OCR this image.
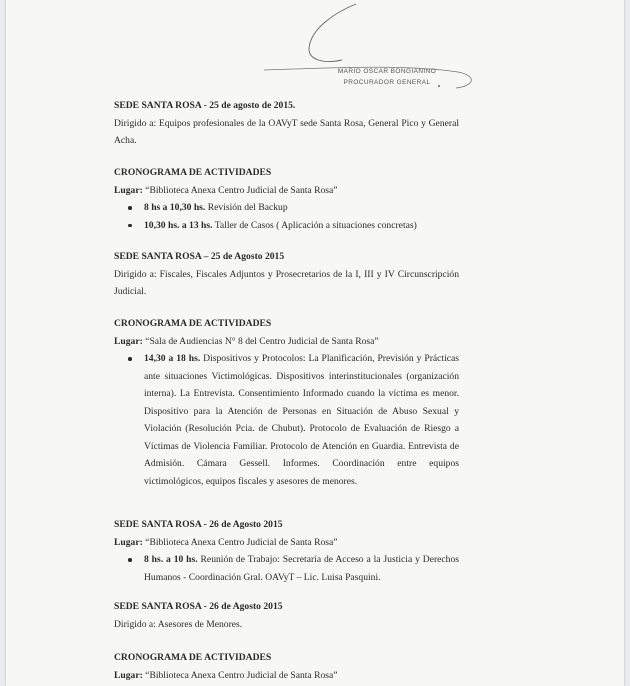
MARIO OSCAR BONGIANINO
PROCURADOR GENERAL
SEDE SANTA ROSA - 25 de agosto de 2015.
Dirigido a: Equipos profesionales de la OAVyT sede Santa Rosa, General Pico y General Acha.
CRONOGRAMA DE ACTIVIDADES
Lugar: “Biblioteca Anexa Centro Judicial de Santa Rosa”
8 hs a 10,30 hs. Revisión del Backup
10,30 hs. a 13 hs. Taller de Casos ( Aplicación a situaciones concretas)
SEDE SANTA ROSA – 25 de Agosto 2015
Dirigido a: Fiscales, Fiscales Adjuntos y Prosecretarios de la I, III y IV Circunscripción Judicial.
CRONOGRAMA DE ACTIVIDADES
Lugar: “Sala de Audiencias N° 8 del Centro Judicial de Santa Rosa”
14,30 a 18 hs. Dispositivos y Protocolos: La Planificación, Previsión y Prácticas ante situaciones Victimológicas. Dispositivos interinstitucionales (organización interna). La Entrevista. Consentimiento Informado cuando la víctima es menor. Dispositivo para la Atención de Personas en Situación de Abuso Sexual y Violación (Resolución Pcia. de Chubut). Protocolo de Evaluación de Riesgo a Víctimas de Violencia Familiar. Protocolo de Atención en Guardia. Entrevista de Admisión. Cámara Gessell. Informes. Coordinación entre equipos victimológicos, equipos fiscales y asesores de menores.
SEDE SANTA ROSA - 26 de Agosto 2015
Lugar: “Biblioteca Anexa Centro Judicial de Santa Rosa”
8 hs. a 10 hs. Reunión de Trabajo: Secretaría de Acceso a la Justicia y Derechos Humanos - Coordinación Gral. OAVyT – Lic. Luisa Pasquini.
SEDE SANTA ROSA - 26 de Agosto 2015
Dirigido a: Asesores de Menores.
CRONOGRAMA DE ACTIVIDADES
Lugar: “Biblioteca Anexa Centro Judicial de Santa Rosa”
